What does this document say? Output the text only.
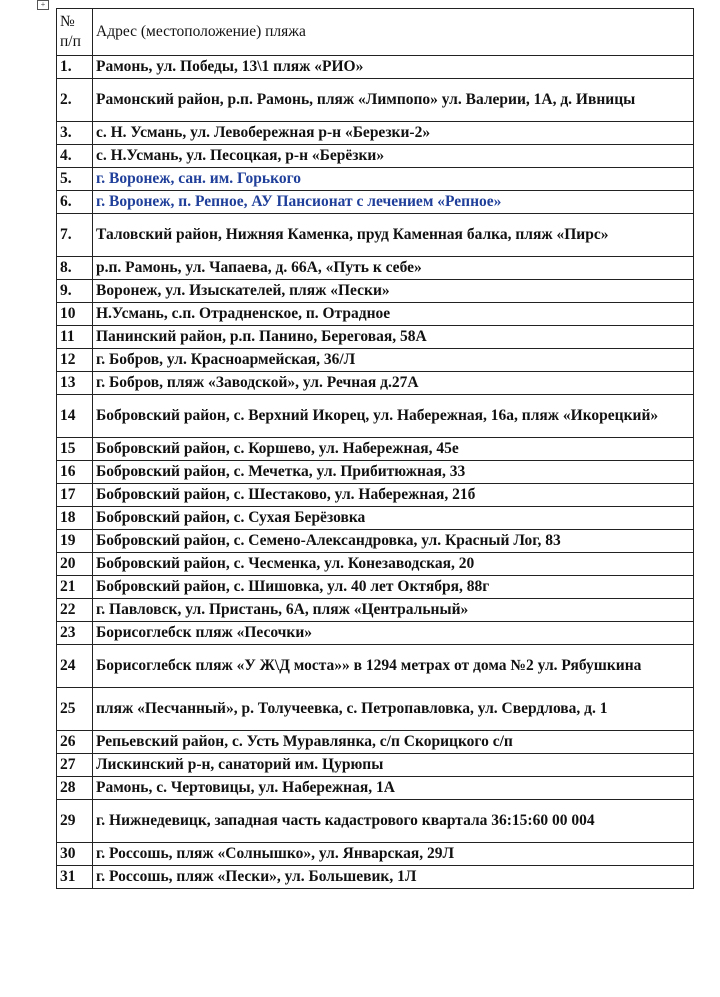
+
№ п/п	Адрес (местоположение) пляжа
1.	Рамонь, ул. Победы, 13\1 пляж «РИО»
2.	Рамонский район, р.п. Рамонь, пляж «Лимпопо» ул. Валерии, 1А, д. Ивницы
3.	с. Н. Усмань, ул. Левобережная р-н «Березки-2»
4.	с. Н.Усмань, ул. Песоцкая, р-н «Берёзки»
5.	г. Воронеж, сан. им. Горького
6.	г. Воронеж, п. Репное, АУ Пансионат с лечением «Репное»
7.	Таловский район, Нижняя Каменка, пруд Каменная балка, пляж «Пирс»
8.	р.п. Рамонь, ул. Чапаева, д. 66А, «Путь к себе»
9.	Воронеж, ул. Изыскателей, пляж «Пески»
10	Н.Усмань, с.п. Отрадненское, п. Отрадное
11	Панинский район, р.п. Панино, Береговая, 58А
12	г. Бобров, ул. Красноармейская, 36/Л
13	г. Бобров, пляж «Заводской», ул. Речная д.27А
14	Бобровский район, с. Верхний Икорец, ул. Набережная, 16а, пляж «Икорецкий»
15	Бобровский район, с. Коршево, ул. Набережная, 45е
16	Бобровский район, с. Мечетка, ул. Прибитюжная, 33
17	Бобровский район, с. Шестаково, ул. Набережная, 21б
18	Бобровский район, с. Сухая Берёзовка
19	Бобровский район, с. Семено-Александровка, ул. Красный Лог, 83
20	Бобровский район, с. Чесменка, ул. Конезаводская, 20
21	Бобровский район, с. Шишовка, ул. 40 лет Октября, 88г
22	г. Павловск, ул. Пристань, 6А, пляж «Центральный»
23	Борисоглебск пляж «Песочки»
24	Борисоглебск пляж «У Ж\Д моста»» в 1294 метрах от дома №2 ул. Рябушкина
25	пляж «Песчанный», р. Толучеевка, с. Петропавловка, ул. Свердлова, д. 1
26	Репьевский район, с. Усть Муравлянка, с/п Скорицкого с/п
27	Лискинский р-н, санаторий им. Цурюпы
28	Рамонь, с. Чертовицы, ул. Набережная, 1А
29	г. Нижнедевицк, западная часть кадастрового квартала 36:15:60 00 004
30	г. Россошь, пляж «Солнышко», ул. Январская, 29Л
31	г. Россошь, пляж «Пески», ул. Большевик, 1Л
